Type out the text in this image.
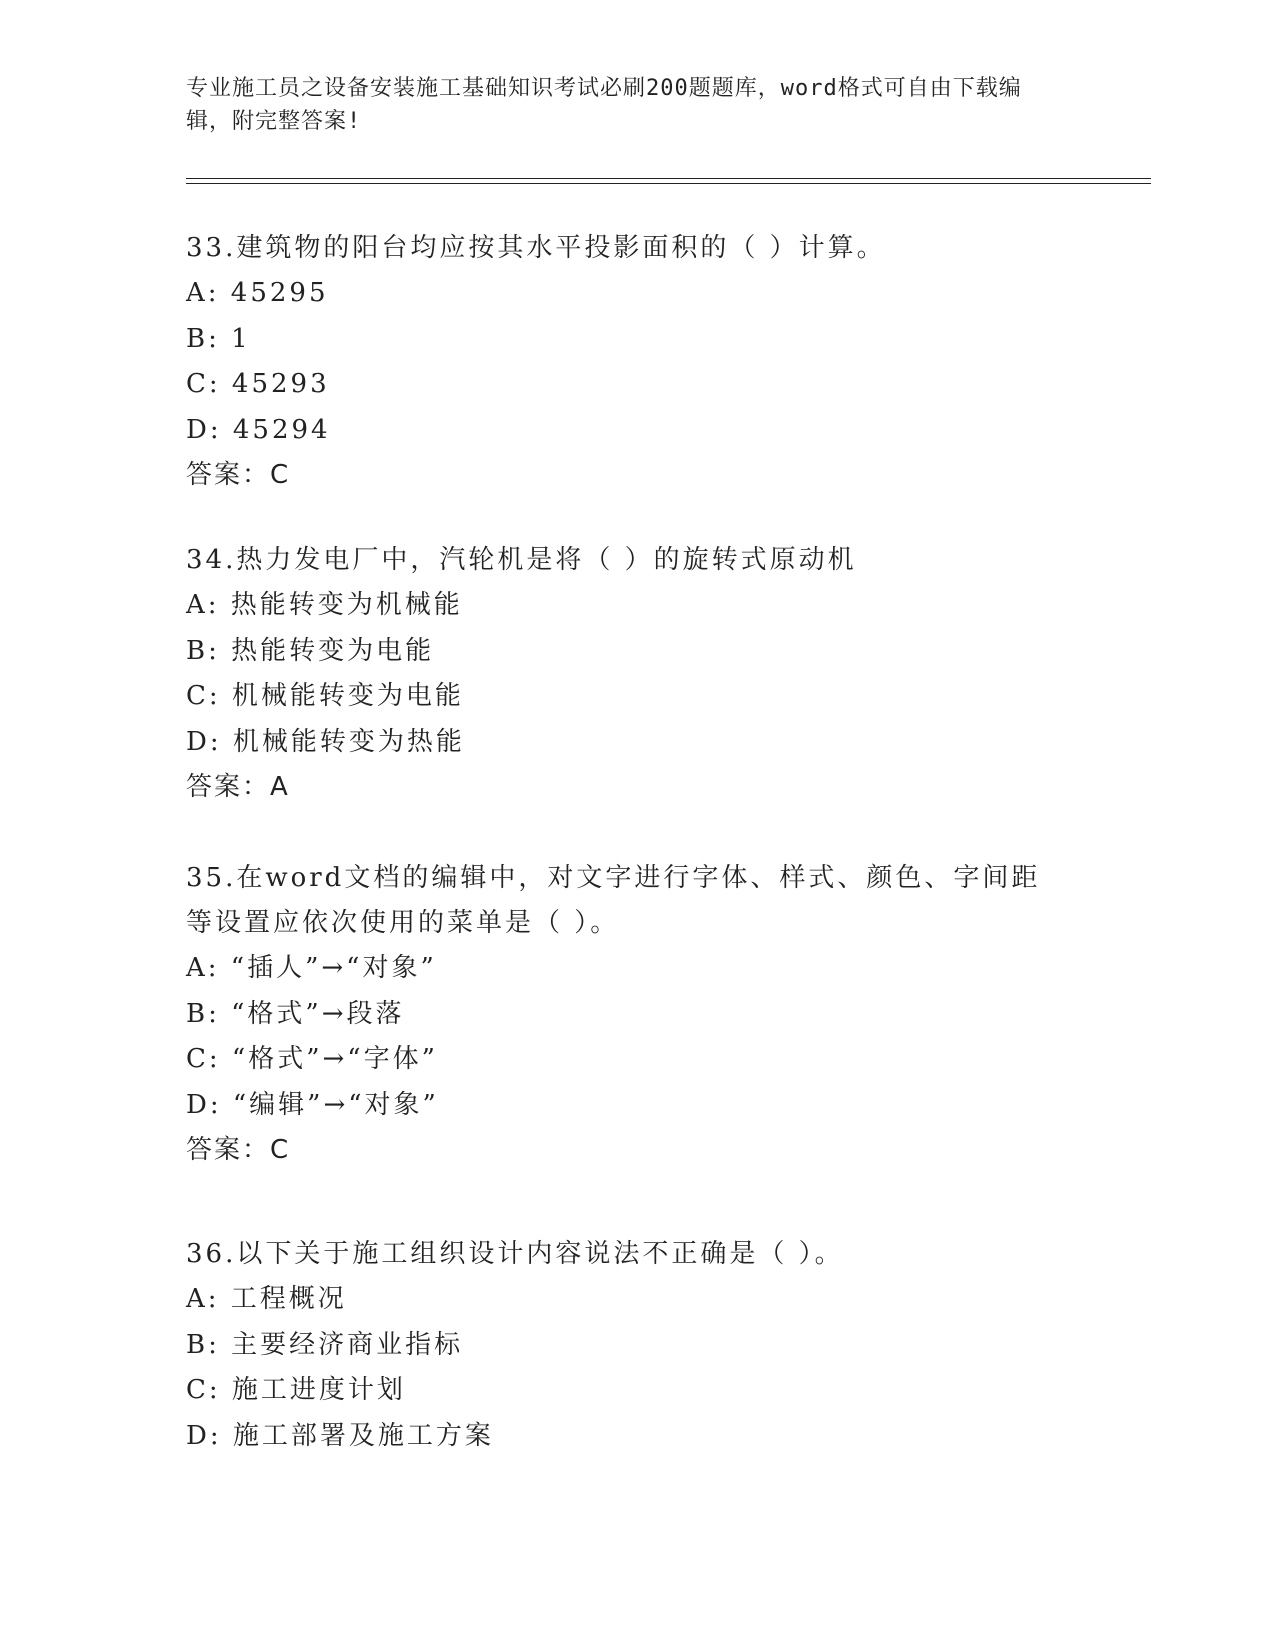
专业施工员之设备安装施工基础知识考试必刷200题题库，word格式可自由下载编辑，附完整答案!

33.建筑物的阳台均应按其水平投影面积的（ ）计算。

A: 45295

B: 1

C: 45293

D: 45294

答案：C

34.热力发电厂中，汽轮机是将（ ）的旋转式原动机

A: 热能转变为机械能

B: 热能转变为电能

C: 机械能转变为电能

D: 机械能转变为热能

答案：A

35.在word文档的编辑中，对文字进行字体、样式、颜色、字间距等设置应依次使用的菜单是（ ）。

A: “插人”→“对象”

B: “格式”→段落

C: “格式”→“字体”

D: “编辑”→“对象”

答案：C

36.以下关于施工组织设计内容说法不正确是（ ）。

A: 工程概况

B: 主要经济商业指标

C: 施工进度计划

D: 施工部署及施工方案
